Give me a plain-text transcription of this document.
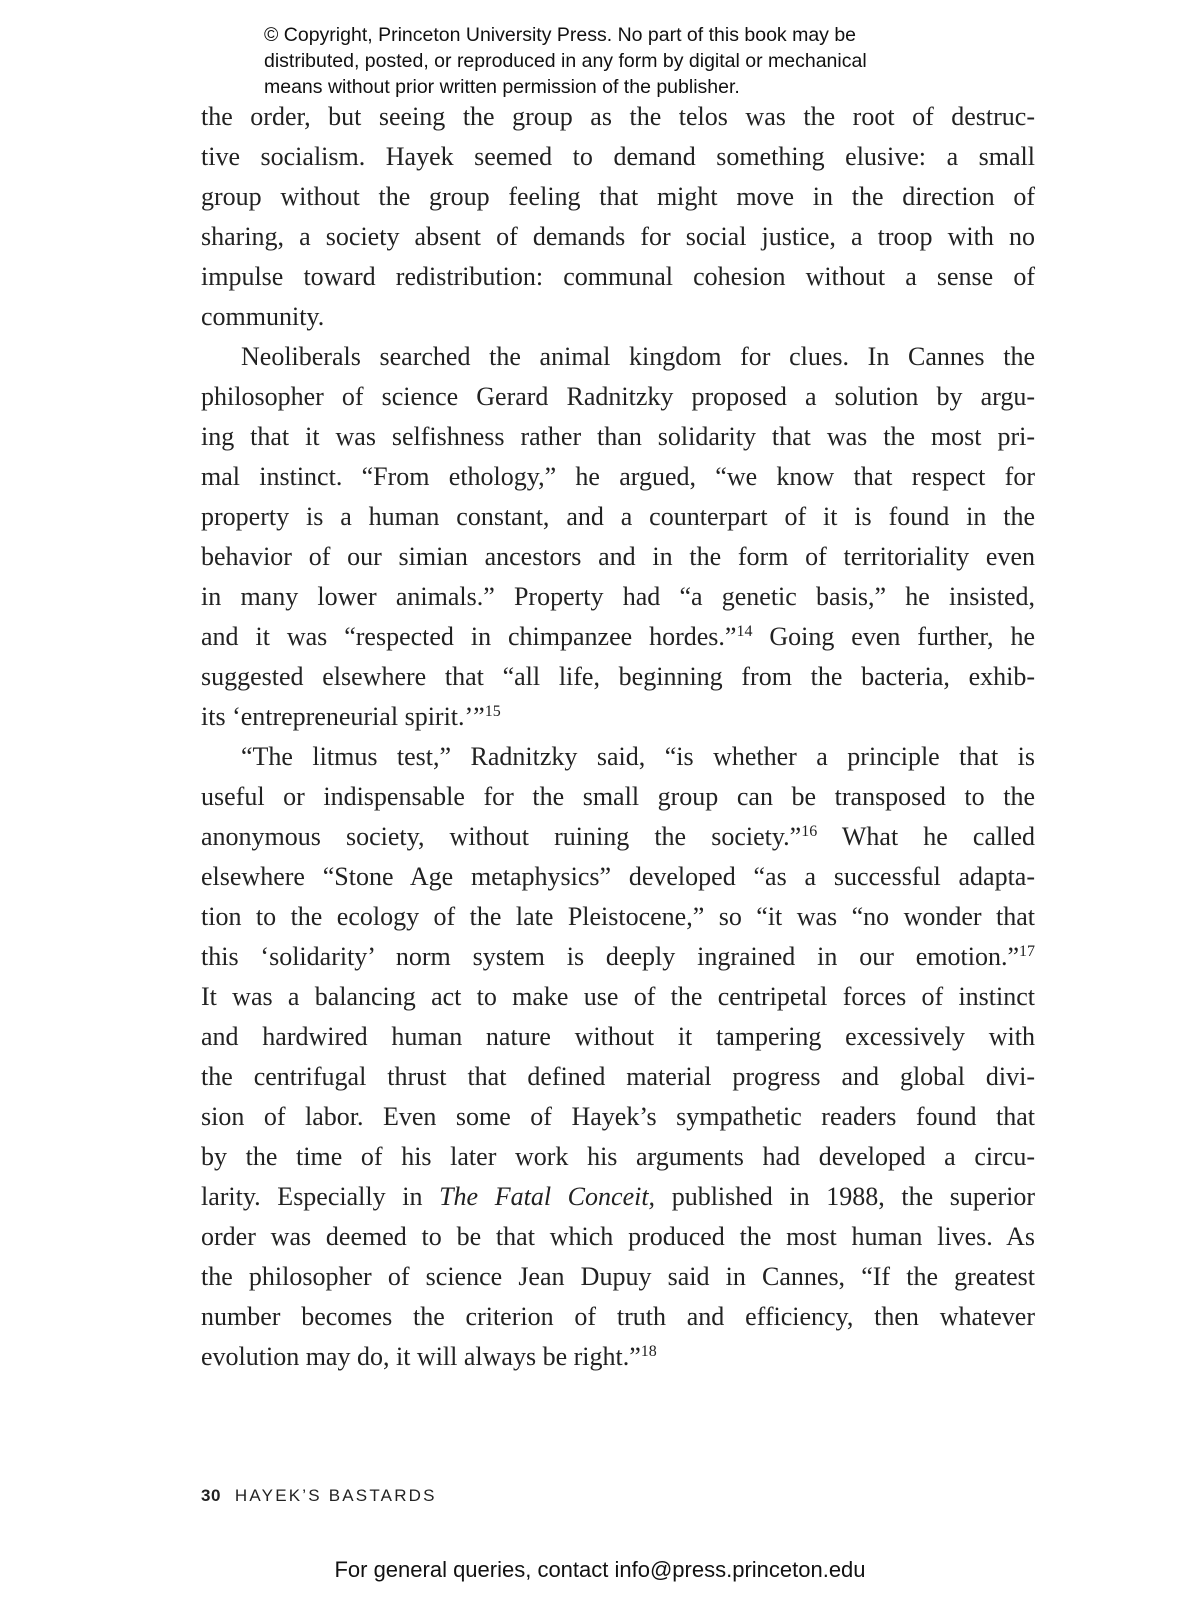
© Copyright, Princeton University Press. No part of this book may be
distributed, posted, or reproduced in any form by digital or mechanical
means without prior written permission of the publisher.
the order, but seeing the group as the telos was the root of destruc-
tive socialism. Hayek seemed to demand something elusive: a small
group without the group feeling that might move in the direction of
sharing, a society absent of demands for social justice, a troop with no
impulse toward redistribution: communal cohesion without a sense of
community.
Neoliberals searched the animal kingdom for clues. In Cannes the
philosopher of science Gerard Radnitzky proposed a solution by argu-
ing that it was selfishness rather than solidarity that was the most pri-
mal instinct. “From ethology,” he argued, “we know that respect for
property is a human constant, and a counterpart of it is found in the
behavior of our simian ancestors and in the form of territoriality even
in many lower animals.” Property had “a genetic basis,” he insisted,
and it was “respected in chimpanzee hordes.”$^{14}$ Going even further, he
suggested elsewhere that “all life, beginning from the bacteria, exhib-
its ‘entrepreneurial spirit.’”$^{15}$
“The litmus test,” Radnitzky said, “is whether a principle that is
useful or indispensable for the small group can be transposed to the
anonymous society, without ruining the society.”$^{16}$ What he called
elsewhere “Stone Age metaphysics” developed “as a successful adapta-
tion to the ecology of the late Pleistocene,” so “it was “no wonder that
this ‘solidarity’ norm system is deeply ingrained in our emotion.”$^{17}$
It was a balancing act to make use of the centripetal forces of instinct
and hardwired human nature without it tampering excessively with
the centrifugal thrust that defined material progress and global divi-
sion of labor. Even some of Hayek’s sympathetic readers found that
by the time of his later work his arguments had developed a circu-
larity. Especially in The Fatal Conceit, published in 1988, the superior
order was deemed to be that which produced the most human lives. As
the philosopher of science Jean Dupuy said in Cannes, “If the greatest
number becomes the criterion of truth and efficiency, then whatever
evolution may do, it will always be right.”$^{18}$
30 HAYEK’S BASTARDS
For general queries, contact info@press.princeton.edu
